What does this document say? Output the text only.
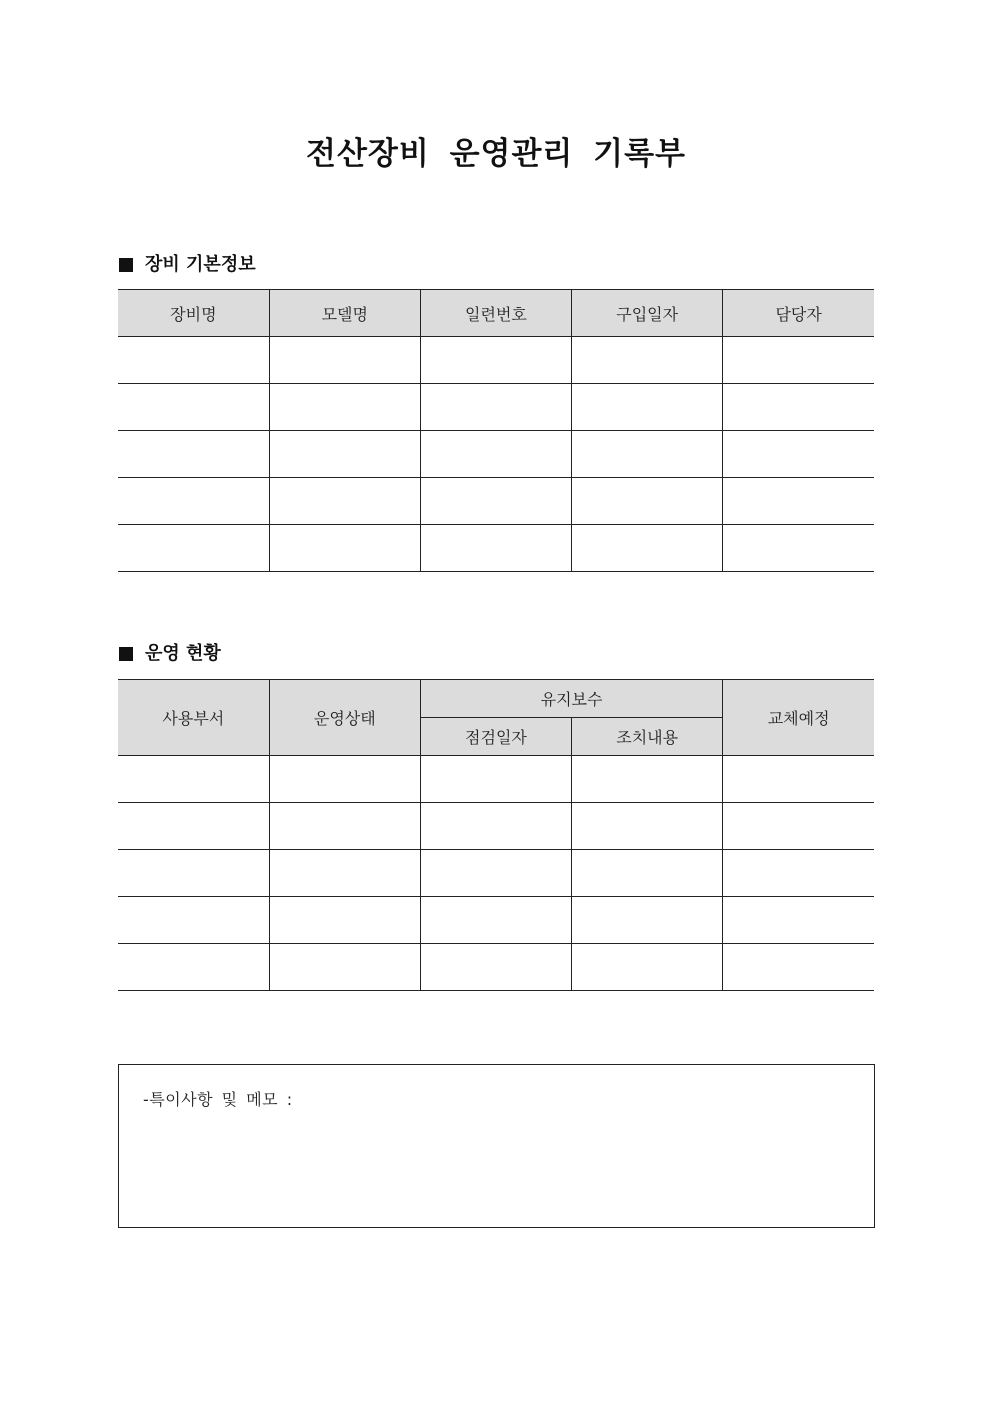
전산장비 운영관리 기록부
장비 기본정보
장비명	모델명	일련번호	구입일자	담당자

운영 현황
사용부서	운영상태	유지보수		교체예정
		점검일자	조치내용	

-특이사항 및 메모 :
